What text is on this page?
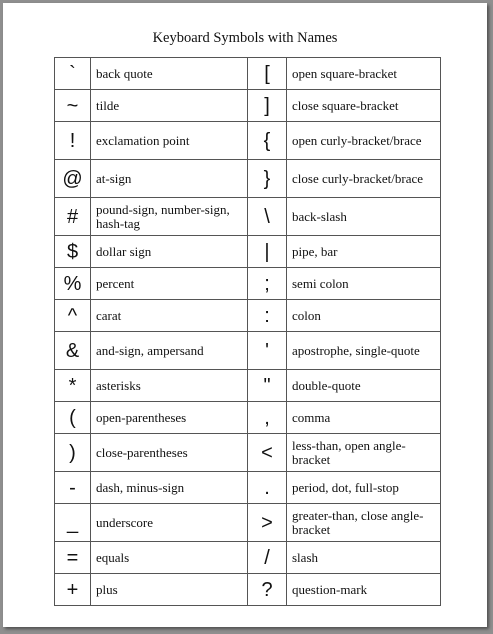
Keyboard Symbols with Names
`	back quote	[	open square-bracket
~	tilde	]	close square-bracket
!	exclamation point	{	open curly-bracket/brace
@	at-sign	}	close curly-bracket/brace
#	pound-sign, number-sign, hash-tag	\	back-slash
$	dollar sign	|	pipe, bar
%	percent	;	semi colon
^	carat	:	colon
&	and-sign, ampersand	'	apostrophe, single-quote
*	asterisks	"	double-quote
(	open-parentheses	,	comma
)	close-parentheses	<	less-than, open angle-bracket
-	dash, minus-sign	.	period, dot, full-stop
_	underscore	>	greater-than, close angle-bracket
=	equals	/	slash
+	plus	?	question-mark
